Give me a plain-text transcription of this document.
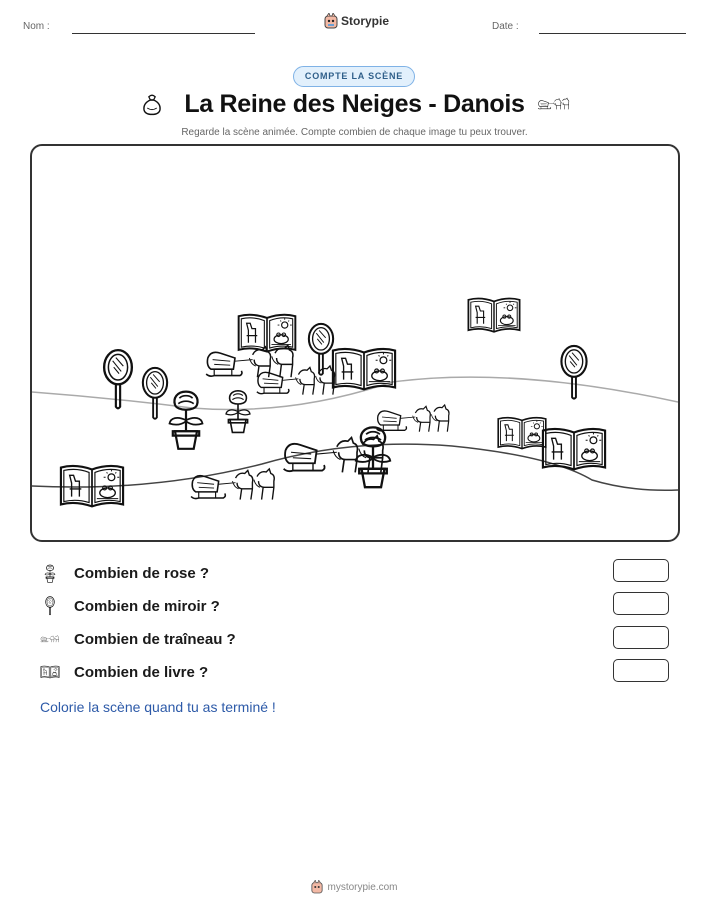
Nom :	Storypie	Date :
COMPTE LA SCÈNE
La Reine des Neiges - Danois
Regarde la scène animée. Compte combien de chaque image tu peux trouver.
Combien de rose ?
Combien de miroir ?
Combien de traîneau ?
Combien de livre ?
Colorie la scène quand tu as terminé !
mystorypie.com
